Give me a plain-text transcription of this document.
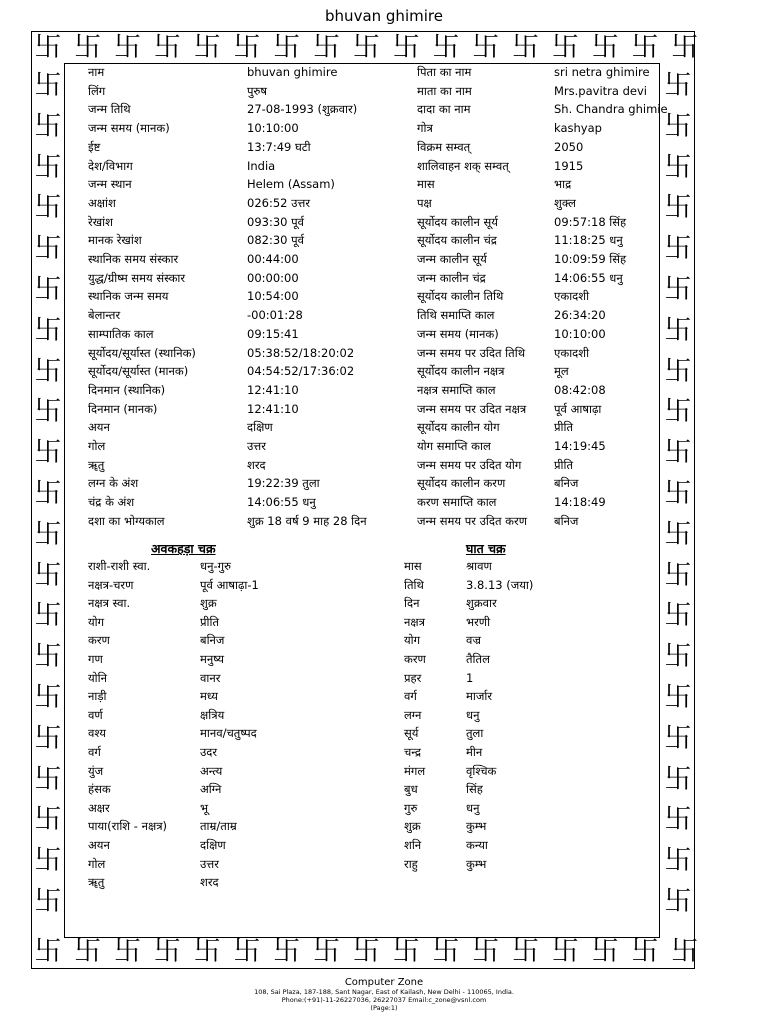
bhuvan ghimire
卐
卐
卐
卐
卐
卐
卐
卐
卐
卐
卐
卐
卐
卐
卐
卐
卐
卐
卐
卐
卐
卐
卐
卐
卐
卐
卐
卐
卐
卐
卐
卐
卐
卐
卐	卐
卐	卐
卐	卐
卐	卐
卐	卐
卐	卐
卐	卐
卐	卐
卐	卐
卐	卐
卐	卐
卐	卐
卐	卐
卐	卐
卐	卐
卐	卐
卐	卐
卐	卐
卐	卐
卐	卐
卐	卐
नाम	bhuvan ghimire	पिता का नाम	sri netra ghimire
लिंग	पुरुष	माता का नाम	Mrs.pavitra devi
जन्म तिथि	27-08-1993 (शुक्रवार)	दादा का नाम	Sh. Chandra ghimie
जन्म समय (मानक)	10:10:00	गोत्र	kashyap
ईष्ट	13:7:49 घटी	विक्रम सम्वत्	2050
देश/विभाग	India	शालिवाहन शक् सम्वत्	1915
जन्म स्थान	Helem (Assam)	मास	भाद्र
अक्षांश	026:52 उत्तर	पक्ष	शुक्ल
रेखांश	093:30 पूर्व	सूर्योदय कालीन सूर्य	09:57:18 सिंह
मानक रेखांश	082:30 पूर्व	सूर्योदय कालीन चंद्र	11:18:25 धनु
स्थानिक समय संस्कार	00:44:00	जन्म कालीन सूर्य	10:09:59 सिंह
युद्ध/ग्रीष्म समय संस्कार	00:00:00	जन्म कालीन चंद्र	14:06:55 धनु
स्थानिक जन्म समय	10:54:00	सूर्योदय कालीन तिथि	एकादशी
बेलान्तर	-00:01:28	तिथि समाप्ति काल	26:34:20
साम्पातिक काल	09:15:41	जन्म समय (मानक)	10:10:00
सूर्योदय/सूर्यास्त (स्थानिक)	05:38:52/18:20:02	जन्म समय पर उदित तिथि	एकादशी
सूर्योदय/सूर्यास्त (मानक)	04:54:52/17:36:02	सूर्योदय कालीन नक्षत्र	मूल
दिनमान (स्थानिक)	12:41:10	नक्षत्र समाप्ति काल	08:42:08
दिनमान (मानक)	12:41:10	जन्म समय पर उदित नक्षत्र पूर्व आषाढ़ा
अयन	दक्षिण	सूर्योदय कालीन योग	प्रीति
गोल	उत्तर	योग समाप्ति काल	14:19:45
ॠतु	शरद	जन्म समय पर उदित योग	प्रीति
लग्न के अंश	19:22:39 तुला	सूर्योदय कालीन करण	बनिज
चंद्र के अंश	14:06:55 धनु	करण समाप्ति काल	14:18:49
दशा का भोग्यकाल	शुक्र 18 वर्ष 9 माह 28 दिन	जन्म समय पर उदित करण बनिज
अवकहड़ा चक्र	घात चक्र
राशी-राशी स्वा.	धनु-गुरु
नक्षत्र-चरण	पूर्व आषाढ़ा-1
नक्षत्र स्वा.	शुक्र
योग	प्रीति
करण	बनिज
गण	मनुष्य
योनि	वानर
नाड़ी	मध्य
वर्ण	क्षत्रिय
वश्य	मानव/चतुष्पद
वर्ग	उदर
युंज	अन्त्य
हंसक	अग्नि
अक्षर	भू
पाया(राशि - नक्षत्र)	ताम्र/ताम्र
अयन	दक्षिण
गोल	उत्तर
ॠतु	शरद
मास	श्रावण
तिथि	3.8.13 (जया)
दिन	शुक्रवार
नक्षत्र	भरणी
योग	वज्र
करण	तैतिल
प्रहर	1
वर्ग	मार्जार
लग्न	धनु
सूर्य	तुला
चन्द्र	मीन
मंगल	वृश्चिक
बुध	सिंह
गुरु	धनु
शुक्र	कुम्भ
शनि	कन्या
राहु	कुम्भ
Computer Zone
108, Sai Plaza, 187-188, Sant Nagar, East of Kailash, New Delhi - 110065, India.
Phone:(+91)-11-26227036, 26227037 Email:c_zone@vsnl.com
(Page:1)
